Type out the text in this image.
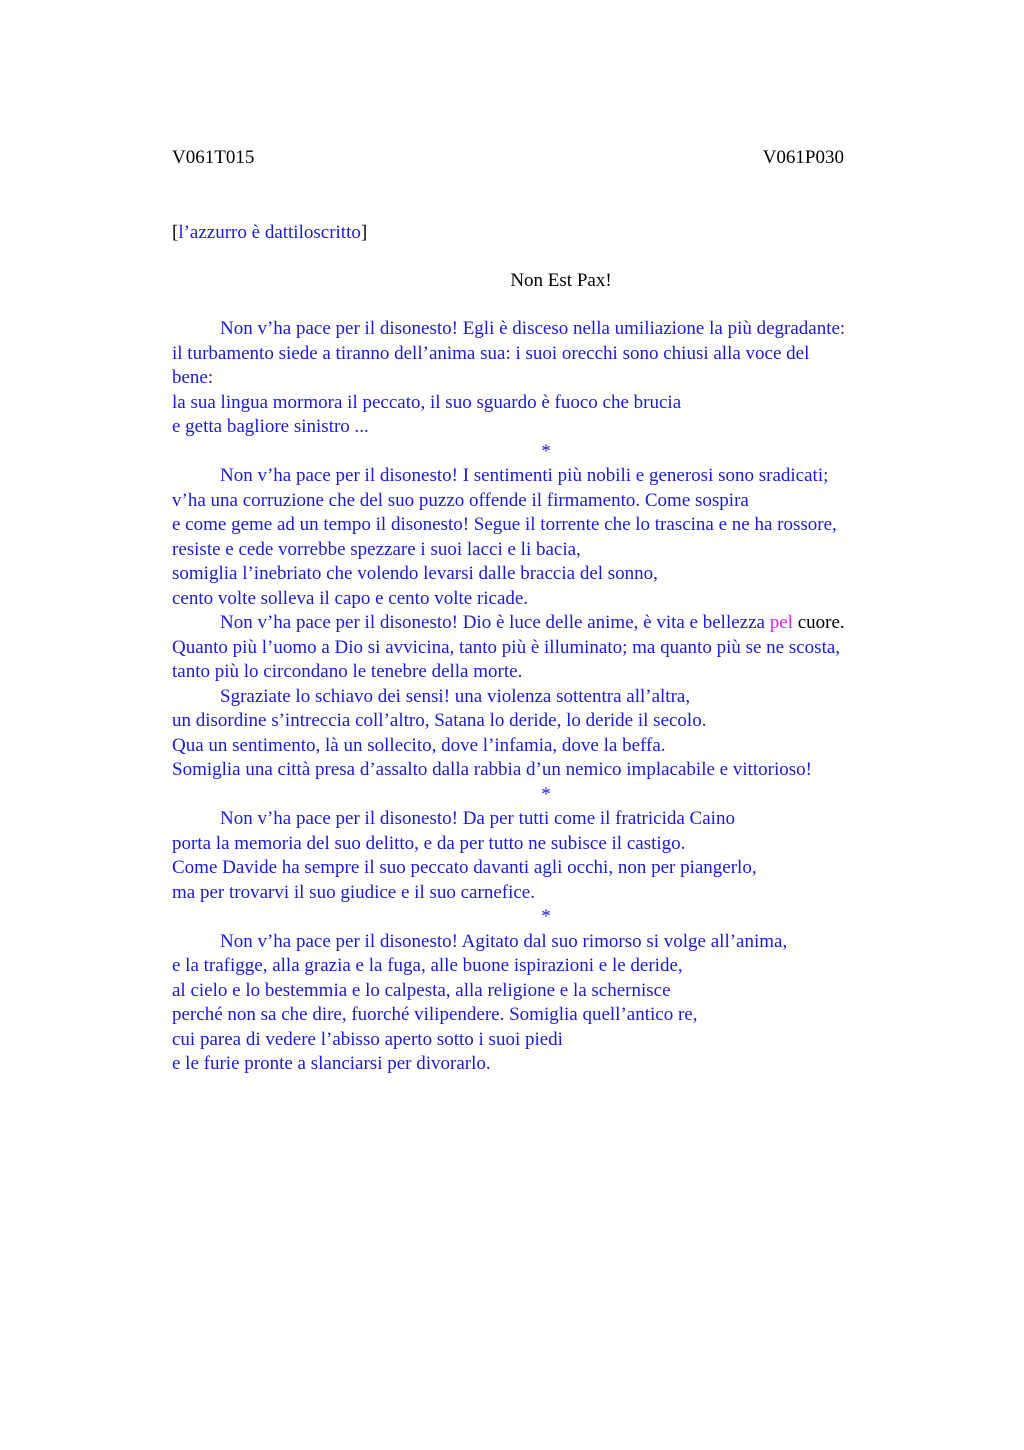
V061T015	V061P030
[l’azzurro è dattiloscritto]
Non Est Pax!
Non v’ha pace per il disonesto! Egli è disceso nella umiliazione la più degradante:
il turbamento siede a tiranno dell’anima sua: i suoi orecchi sono chiusi alla voce del
bene:
la sua lingua mormora il peccato, il suo sguardo è fuoco che brucia
e getta bagliore sinistro ...
*
Non v’ha pace per il disonesto! I sentimenti più nobili e generosi sono sradicati;
v’ha una corruzione che del suo puzzo offende il firmamento. Come sospira
e come geme ad un tempo il disonesto! Segue il torrente che lo trascina e ne ha rossore,
resiste e cede vorrebbe spezzare i suoi lacci e li bacia,
somiglia l’inebriato che volendo levarsi dalle braccia del sonno,
cento volte solleva il capo e cento volte ricade.
Non v’ha pace per il disonesto! Dio è luce delle anime, è vita e bellezza pel cuore.
Quanto più l’uomo a Dio si avvicina, tanto più è illuminato; ma quanto più se ne scosta,
tanto più lo circondano le tenebre della morte.
Sgraziate lo schiavo dei sensi! una violenza sottentra all’altra,
un disordine s’intreccia coll’altro, Satana lo deride, lo deride il secolo.
Qua un sentimento, là un sollecito, dove l’infamia, dove la beffa.
Somiglia una città presa d’assalto dalla rabbia d’un nemico implacabile e vittorioso!
*
Non v’ha pace per il disonesto! Da per tutti come il fratricida Caino
porta la memoria del suo delitto, e da per tutto ne subisce il castigo.
Come Davide ha sempre il suo peccato davanti agli occhi, non per piangerlo,
ma per trovarvi il suo giudice e il suo carnefice.
*
Non v’ha pace per il disonesto! Agitato dal suo rimorso si volge all’anima,
e la trafigge, alla grazia e la fuga, alle buone ispirazioni e le deride,
al cielo e lo bestemmia e lo calpesta, alla religione e la schernisce
perché non sa che dire, fuorché vilipendere. Somiglia quell’antico re,
cui parea di vedere l’abisso aperto sotto i suoi piedi
e le furie pronte a slanciarsi per divorarlo.
